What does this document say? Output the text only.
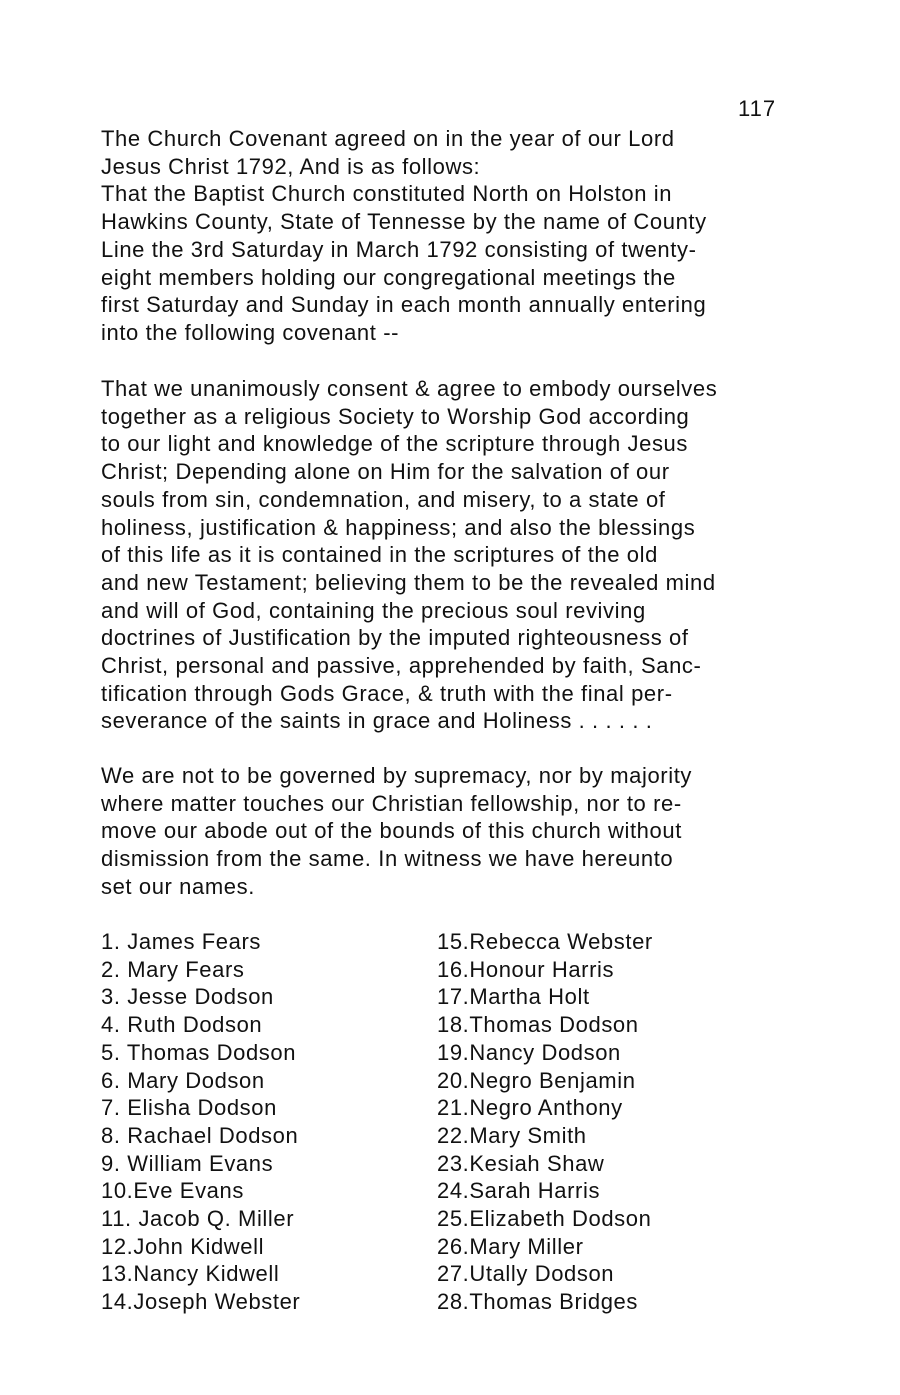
117
The Church Covenant agreed on in the year of our Lord
Jesus Christ 1792, And is as follows:
That the Baptist Church constituted North on Holston in
Hawkins County, State of Tennesse by the name of County
Line the 3rd Saturday in March 1792 consisting of twenty-
eight members holding our congregational meetings the
first Saturday and Sunday in each month annually entering
into the following covenant --
That we unanimously consent & agree to embody ourselves
together as a religious Society to Worship God according
to our light and knowledge of the scripture through Jesus
Christ; Depending alone on Him for the salvation of our
souls from sin, condemnation, and misery, to a state of
holiness, justification & happiness; and also the blessings
of this life as it is contained in the scriptures of the old
and new Testament; believing them to be the revealed mind
and will of God, containing the precious soul reviving
doctrines of Justification by the imputed righteousness of
Christ, personal and passive, apprehended by faith, Sanc-
tification through Gods Grace, & truth with the final per-
severance of the saints in grace and Holiness . . . . . .
We are not to be governed by supremacy, nor by majority
where matter touches our Christian fellowship, nor to re-
move our abode out of the bounds of this church without
dismission from the same. In witness we have hereunto
set our names.
1. James Fears
2. Mary Fears
3. Jesse Dodson
4. Ruth Dodson
5. Thomas Dodson
6. Mary Dodson
7. Elisha Dodson
8. Rachael Dodson
9. William Evans
10.Eve Evans
11. Jacob Q. Miller
12.John Kidwell
13.Nancy Kidwell
14.Joseph Webster
15.Rebecca Webster
16.Honour Harris
17.Martha Holt
18.Thomas Dodson
19.Nancy Dodson
20.Negro Benjamin
21.Negro Anthony
22.Mary Smith
23.Kesiah Shaw
24.Sarah Harris
25.Elizabeth Dodson
26.Mary Miller
27.Utally Dodson
28.Thomas Bridges
